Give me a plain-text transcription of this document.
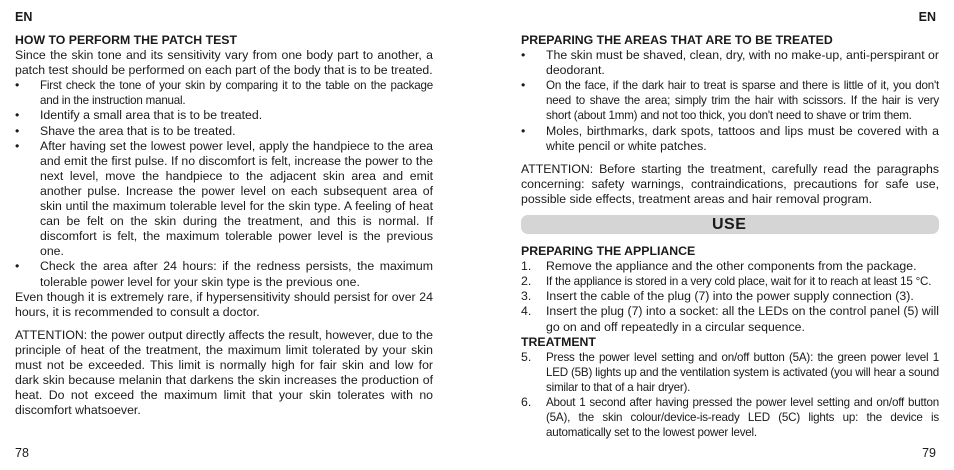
EN
HOW TO PERFORM THE PATCH TEST

Since the skin tone and its sensitivity vary from one body part to another, a patch test should be performed on each part of the body that is to be treated.

• First check the tone of your skin by comparing it to the table on the package and in the instruction manual.
• Identify a small area that is to be treated.
• Shave the area that is to be treated.
• After having set the lowest power level, apply the handpiece to the area and emit the first pulse. If no discomfort is felt, increase the power to the next level, move the handpiece to the adjacent skin area and emit another pulse. Increase the power level on each subsequent area of skin until the maximum tolerable level for the skin type. A feeling of heat can be felt on the skin during the treatment, and this is normal. If discomfort is felt, the maximum tolerable power level is the previous one.
• Check the area after 24 hours: if the redness persists, the maximum tolerable power level for your skin type is the previous one.

Even though it is extremely rare, if hypersensitivity should persist for over 24 hours, it is recommended to consult a doctor.

ATTENTION: the power output directly affects the result, however, due to the principle of heat of the treatment, the maximum limit tolerated by your skin must not be exceeded. This limit is normally high for fair skin and low for dark skin because melanin that darkens the skin increases the production of heat. Do not exceed the maximum limit that your skin tolerates with no discomfort whatsoever.

78
EN
PREPARING THE AREAS THAT ARE TO BE TREATED
• The skin must be shaved, clean, dry, with no make-up, anti-perspirant or deodorant.
• On the face, if the dark hair to treat is sparse and there is little of it, you don't need to shave the area; simply trim the hair with scissors. If the hair is very short (about 1mm) and not too thick, you don't need to shave or trim them.
• Moles, birthmarks, dark spots, tattoos and lips must be covered with a white pencil or white patches.

ATTENTION: Before starting the treatment, carefully read the paragraphs concerning: safety warnings, contraindications, precautions for safe use, possible side effects, treatment areas and hair removal program.

USE
PREPARING THE APPLIANCE
1. Remove the appliance and the other components from the package.
2. If the appliance is stored in a very cold place, wait for it to reach at least 15 °C.
3. Insert the cable of the plug (7) into the power supply connection (3).
4. Insert the plug (7) into a socket: all the LEDs on the control panel (5) will go on and off repeatedly in a circular sequence.
TREATMENT
5. Press the power level setting and on/off button (5A): the green power level 1 LED (5B) lights up and the ventilation system is activated (you will hear a sound similar to that of a hair dryer).
6. About 1 second after having pressed the power level setting and on/off button (5A), the skin colour/device-is-ready LED (5C) lights up: the device is automatically set to the lowest power level.
79
